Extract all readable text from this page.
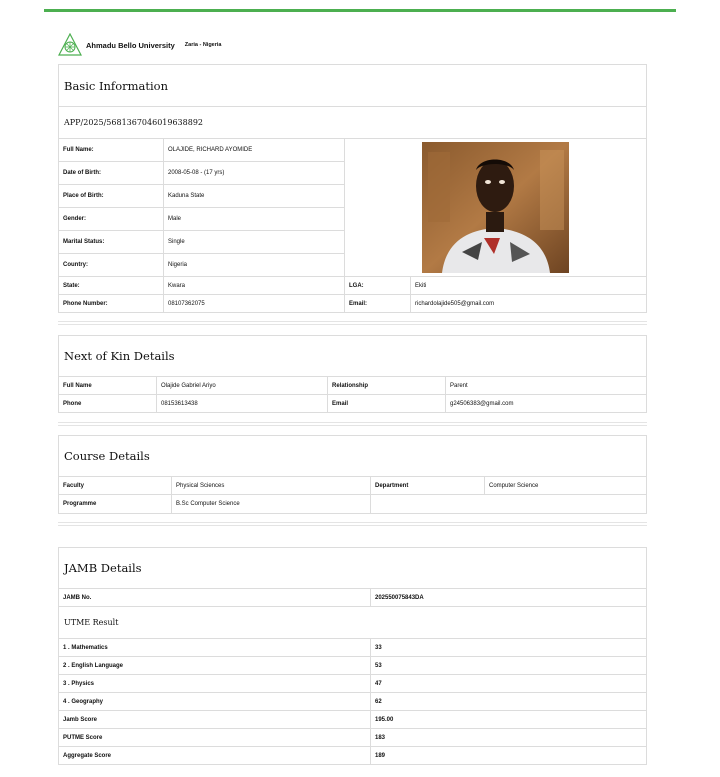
Ahmadu Bello University Zaria - Nigeria
Basic Information			
APP/2025/5681367046019638892			
Full Name:	OLAJIDE, RICHARD AYOMIDE	

Date of Birth:	2008-05-08 - (17 yrs)		
Place of Birth:	Kaduna State		
Gender:	Male		
Marital Status:	Single		
Country:	Nigeria		
State:	Kwara	LGA:	Ekiti
Phone Number:	08107362075	Email:	richardolajide505@gmail.com
Next of Kin Details			
Full Name	Olajide Gabriel Ariyo	Relationship	Parent
Phone	08153613438	Email	g24506383@gmail.com
Course Details			
Faculty	Physical Sciences	Department	Computer Science
Programme	B.Sc Computer Science		
JAMB Details	
JAMB No.	202550075843DA
UTME Result	
1 . Mathematics	33
2 . English Language	53
3 . Physics	47
4 . Geography	62
Jamb Score	195.00
PUTME Score	183
Aggregate Score	189
